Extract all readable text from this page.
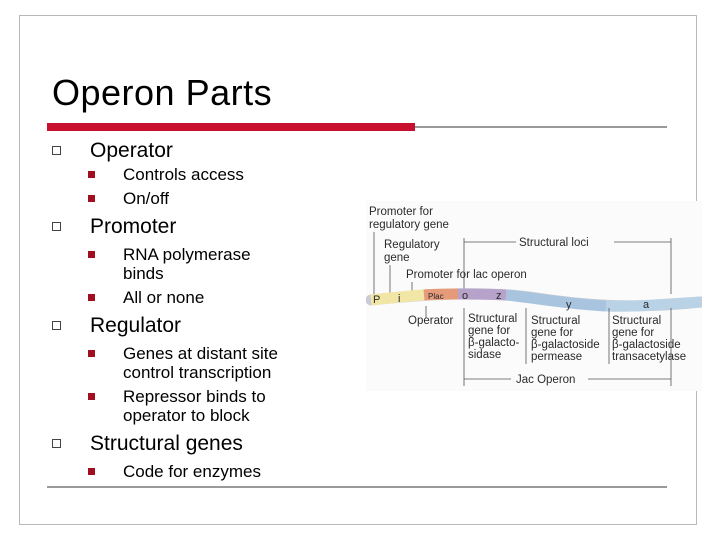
Operon Parts
Operator
Controls access
On/off
Promoter
RNA polymerase
binds
All or none
Regulator
Genes at distant site
control transcription
Repressor binds to
operator to block
Structural genes
Code for enzymes
Promoter for
regulatory gene
Regulatory
gene
Structural loci
Promoter for lac operon
P i	Plac o	z
y	a
Operator Structural
gene for
β-galacto-
sidase
Structural
gene for
β-galactoside
permease
Structural
gene for
β-galactoside
transacetylase
Jac Operon
